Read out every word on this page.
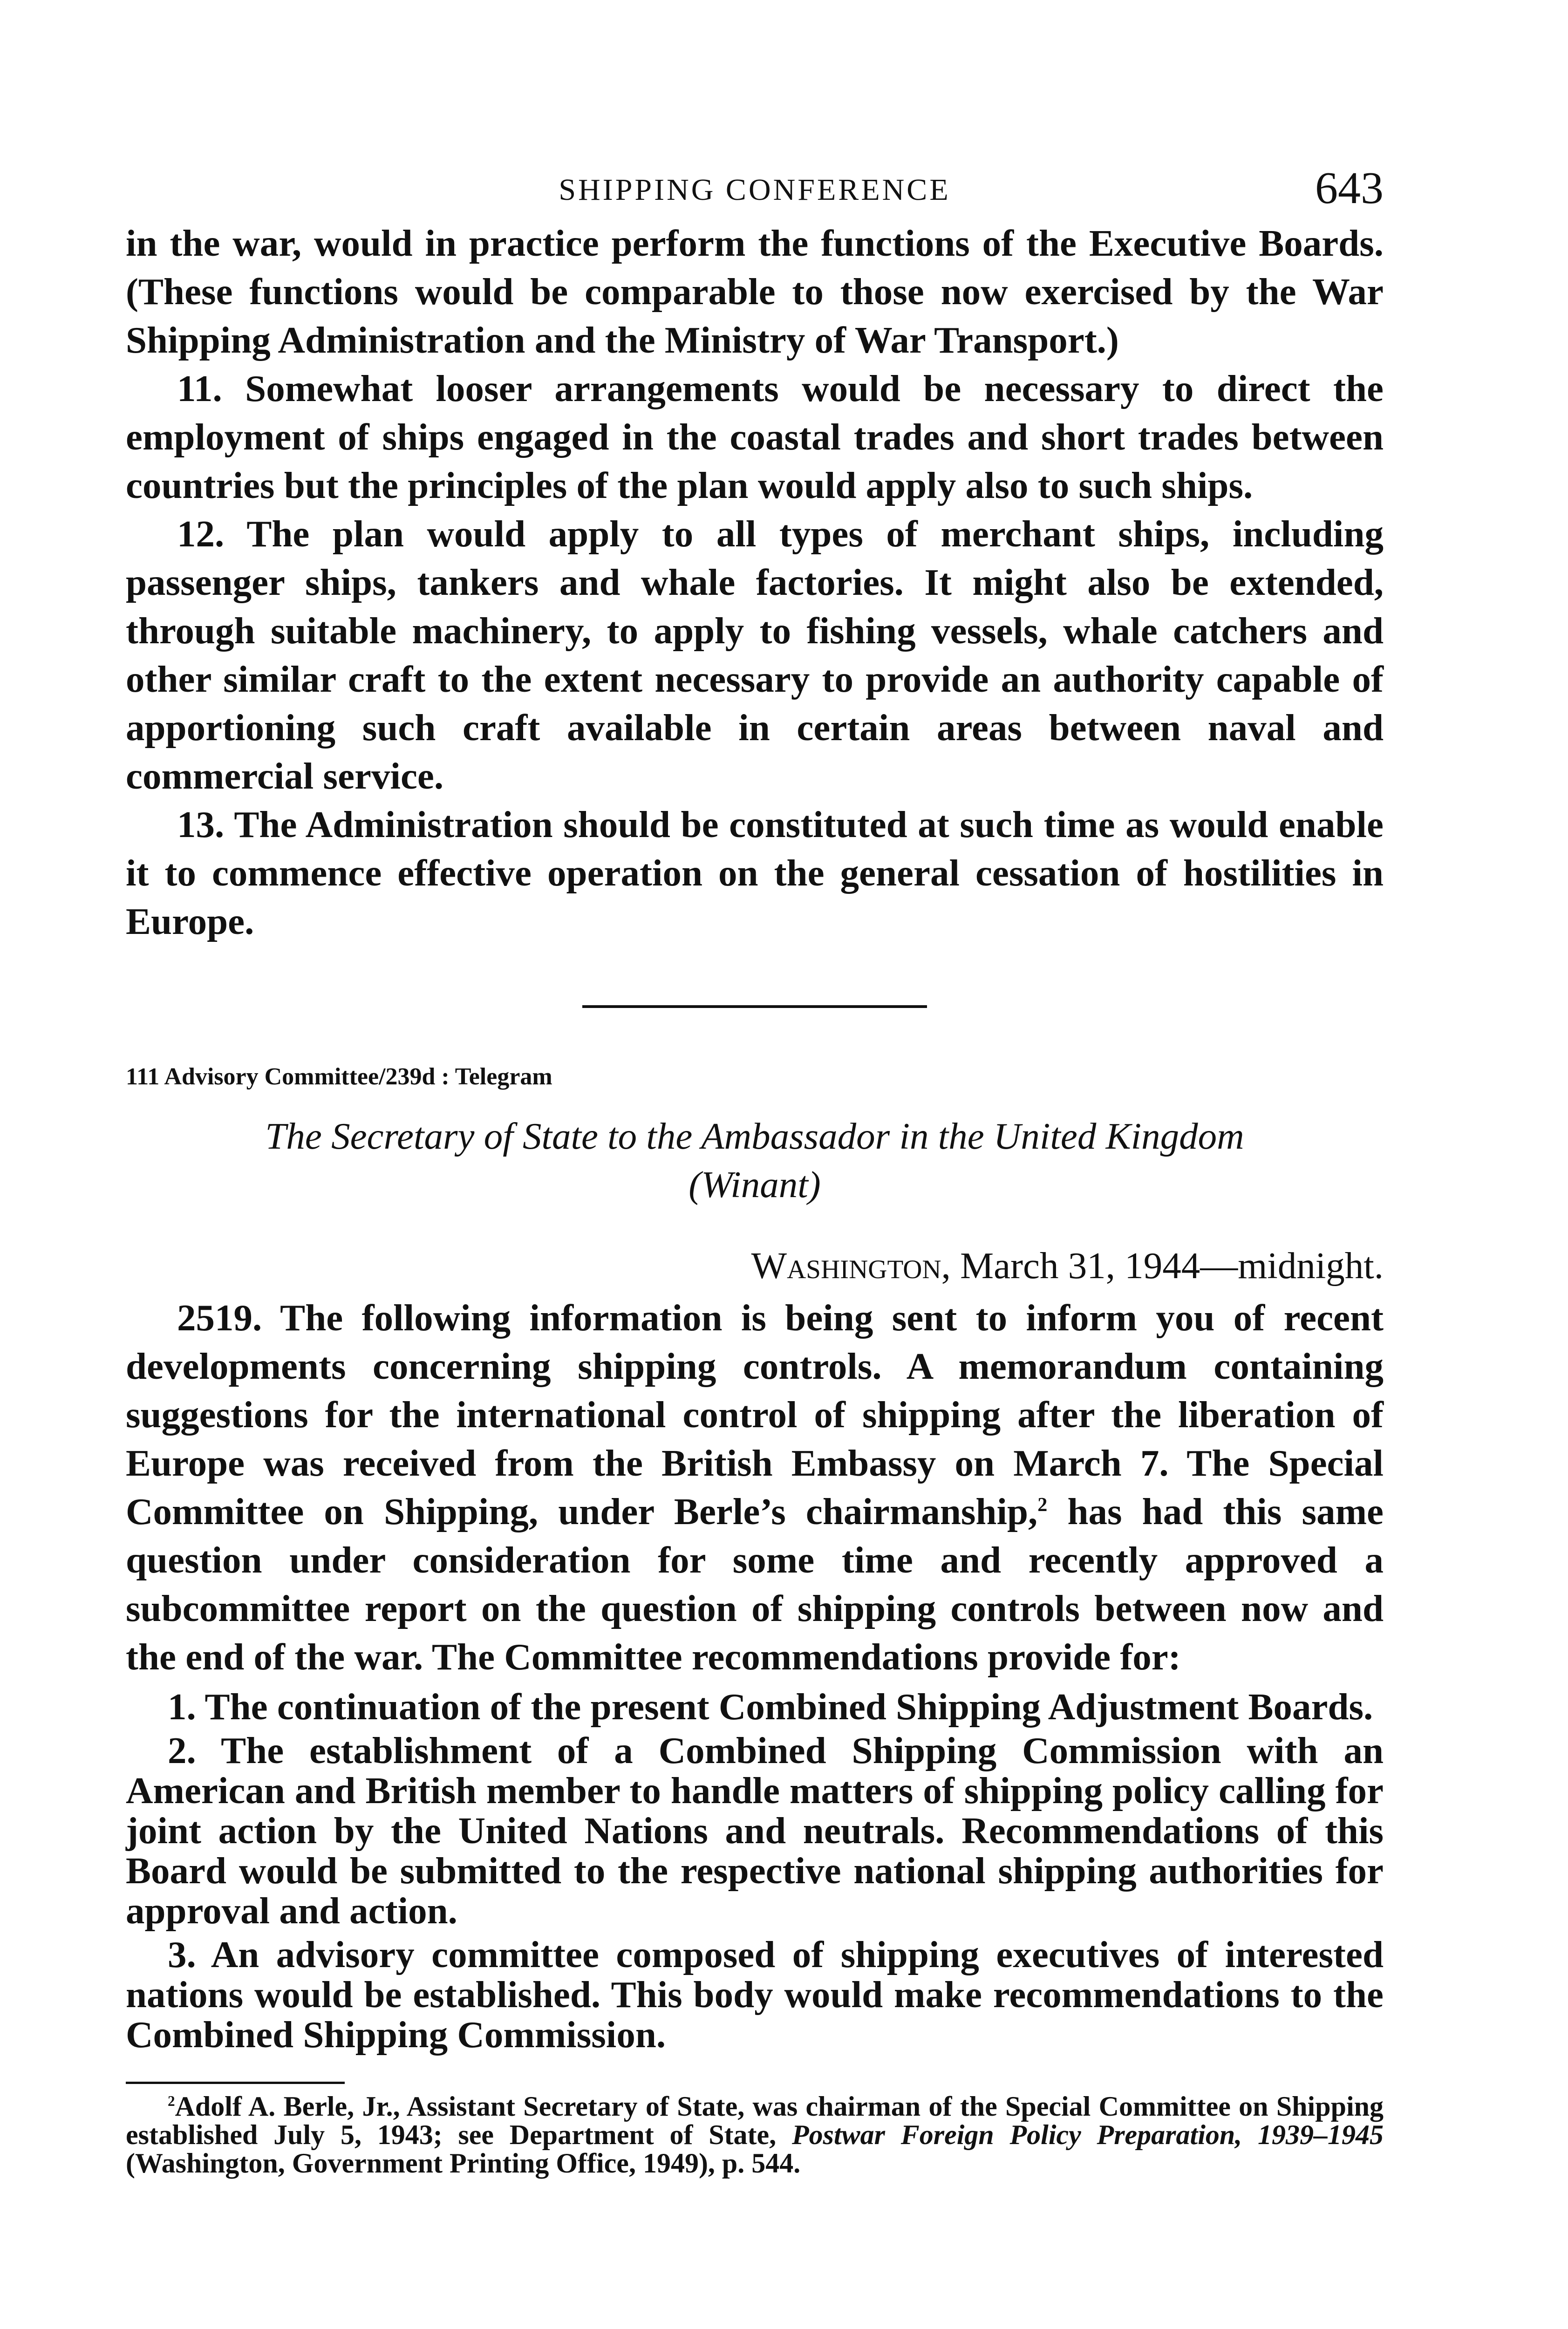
SHIPPING CONFERENCE	643

in the war, would in practice perform the functions of the Executive Boards. (These functions would be comparable to those now exercised by the War Shipping Administration and the Ministry of War Transport.)

11. Somewhat looser arrangements would be necessary to direct the employment of ships engaged in the coastal trades and short trades between countries but the principles of the plan would apply also to such ships.

12. The plan would apply to all types of merchant ships, including passenger ships, tankers and whale factories. It might also be extended, through suitable machinery, to apply to fishing vessels, whale catchers and other similar craft to the extent necessary to provide an authority capable of apportioning such craft available in certain areas between naval and commercial service.

13. The Administration should be constituted at such time as would enable it to commence effective operation on the general cessation of hostilities in Europe.

111 Advisory Committee/239d : Telegram

The Secretary of State to the Ambassador in the United Kingdom
(Winant)

Washington, March 31, 1944—midnight.

2519. The following information is being sent to inform you of recent developments concerning shipping controls. A memorandum containing suggestions for the international control of shipping after the liberation of Europe was received from the British Embassy on March 7. The Special Committee on Shipping, under Berle’s chairmanship,$^2$ has had this same question under consideration for some time and recently approved a subcommittee report on the question of shipping controls between now and the end of the war. The Committee recommendations provide for:

1. The continuation of the present Combined Shipping Adjustment Boards.

2. The establishment of a Combined Shipping Commission with an American and British member to handle matters of shipping policy calling for joint action by the United Nations and neutrals. Recommendations of this Board would be submitted to the respective national shipping authorities for approval and action.

3. An advisory committee composed of shipping executives of interested nations would be established. This body would make recommendations to the Combined Shipping Commission.

$^2$Adolf A. Berle, Jr., Assistant Secretary of State, was chairman of the Special Committee on Shipping established July 5, 1943; see Department of State, Postwar Foreign Policy Preparation, 1939–1945 (Washington, Government Printing Office, 1949), p. 544.
